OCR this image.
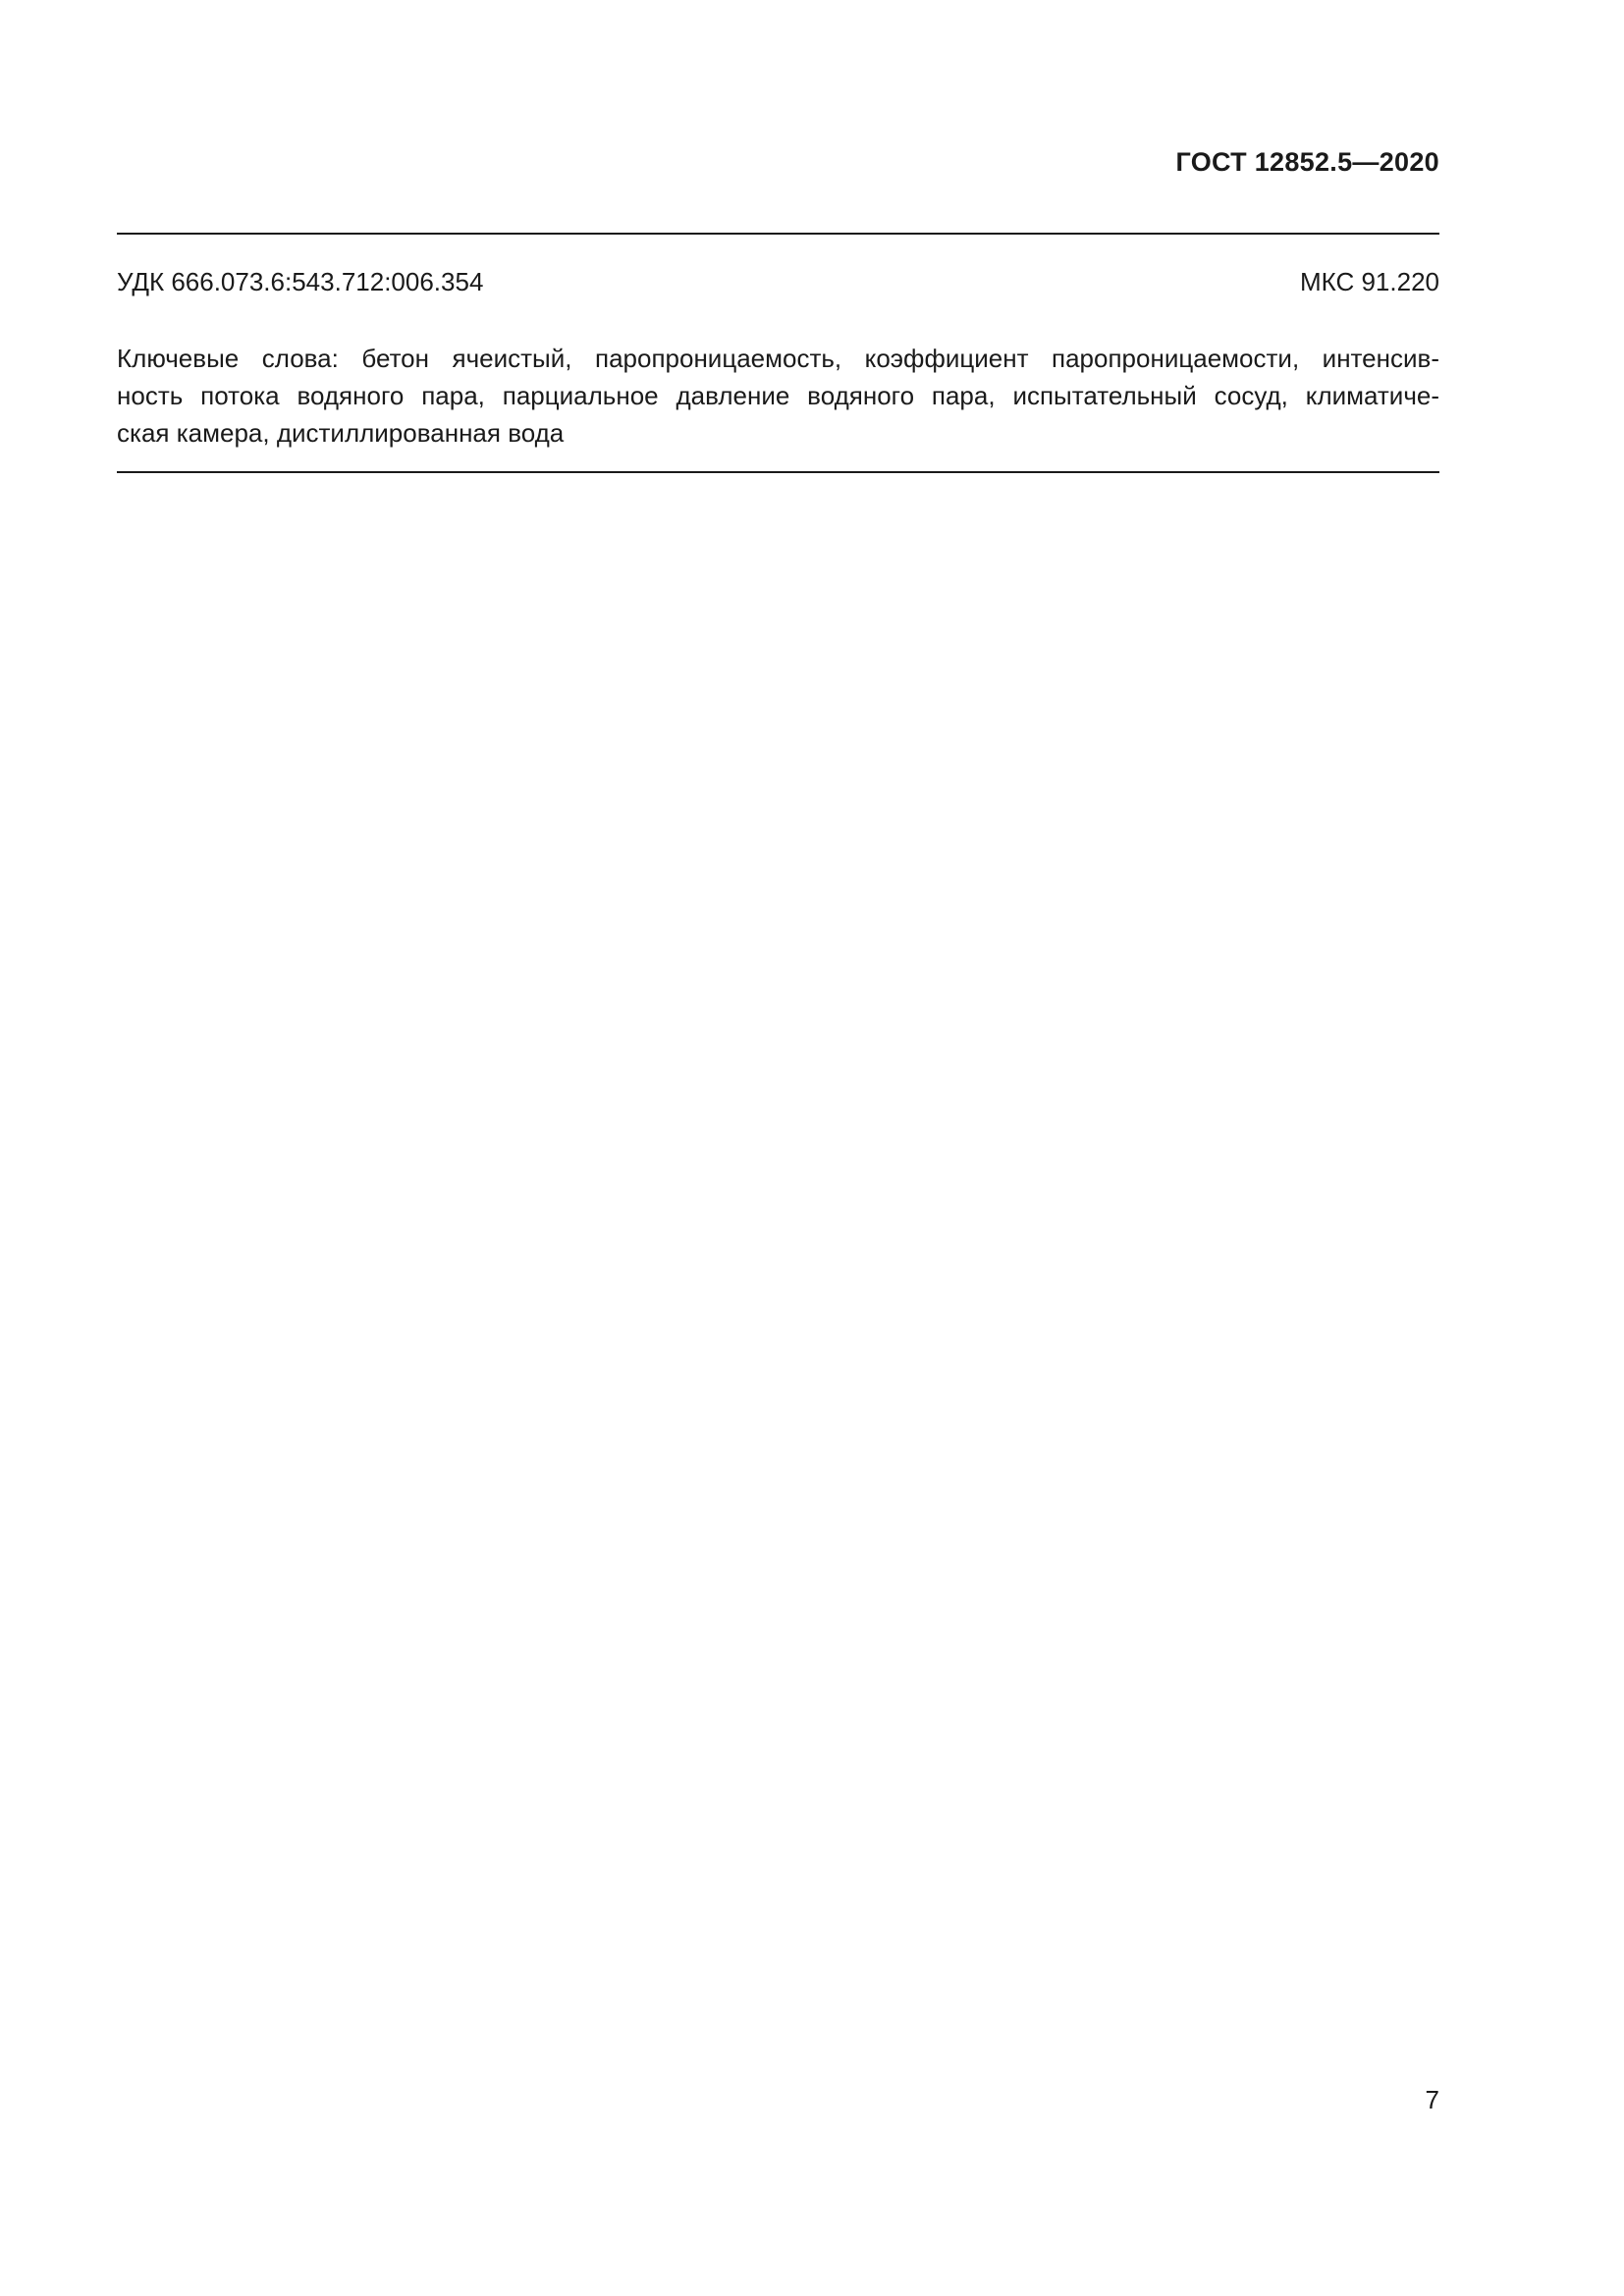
ГОСТ 12852.5—2020
УДК 666.073.6:543.712:006.354	МКС 91.220
Ключевые слова: бетон ячеистый, паропроницаемость, коэффициент паропроницаемости, интенсив-
ность потока водяного пара, парциальное давление водяного пара, испытательный сосуд, климатиче-
ская камера, дистиллированная вода
7
